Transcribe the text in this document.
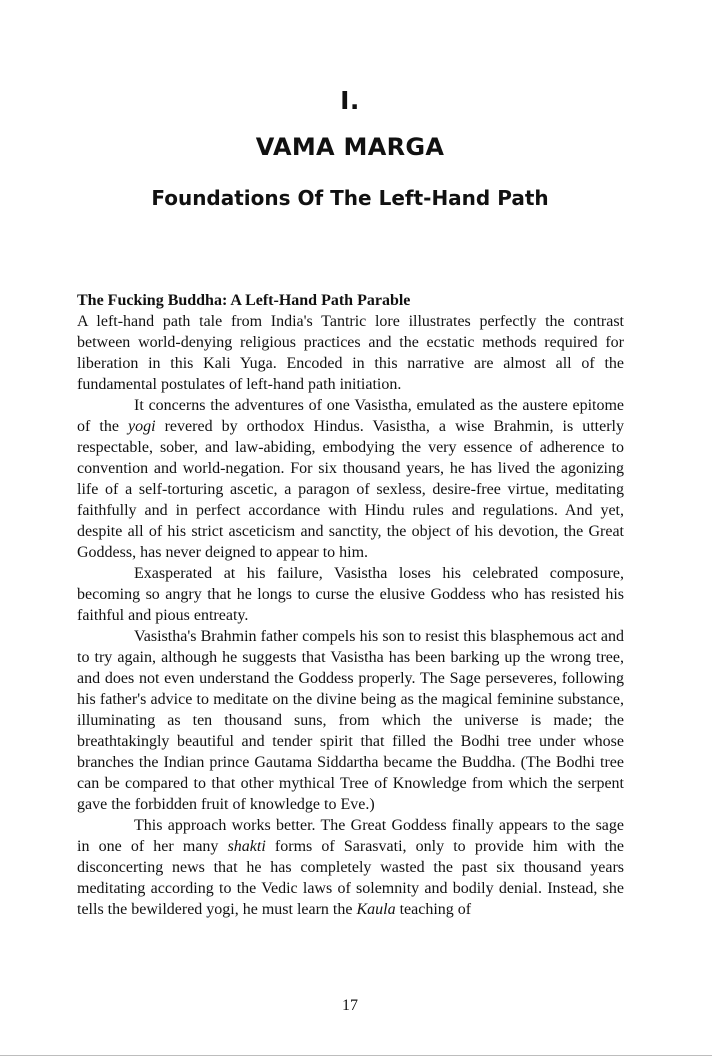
I.
VAMA MARGA
Foundations Of The Left-Hand Path

The Fucking Buddha: A Left-Hand Path Parable

A left-hand path tale from India's Tantric lore illustrates perfectly the contrast between world-denying religious practices and the ecstatic methods required for liberation in this Kali Yuga. Encoded in this narrative are almost all of the fundamental postulates of left-hand path initiation.

It concerns the adventures of one Vasistha, emulated as the austere epitome of the yogi revered by orthodox Hindus. Vasistha, a wise Brahmin, is utterly respectable, sober, and law-abiding, embodying the very essence of adherence to convention and world-negation. For six thousand years, he has lived the agonizing life of a self-torturing ascetic, a paragon of sexless, desire-free virtue, meditating faithfully and in perfect accordance with Hindu rules and regulations. And yet, despite all of his strict asceticism and sanctity, the object of his devotion, the Great Goddess, has never deigned to appear to him.

Exasperated at his failure, Vasistha loses his celebrated composure, becoming so angry that he longs to curse the elusive Goddess who has resisted his faithful and pious entreaty.

Vasistha's Brahmin father compels his son to resist this blasphemous act and to try again, although he suggests that Vasistha has been barking up the wrong tree, and does not even understand the Goddess properly. The Sage perseveres, following his father's advice to meditate on the divine being as the magical feminine substance, illuminating as ten thousand suns, from which the universe is made; the breathtakingly beautiful and tender spirit that filled the Bodhi tree under whose branches the Indian prince Gautama Siddartha became the Buddha. (The Bodhi tree can be compared to that other mythical Tree of Knowledge from which the serpent gave the forbidden fruit of knowledge to Eve.)

This approach works better. The Great Goddess finally appears to the sage in one of her many shakti forms of Sarasvati, only to provide him with the disconcerting news that he has completely wasted the past six thousand years meditating according to the Vedic laws of solemnity and bodily denial. Instead, she tells the bewildered yogi, he must learn the Kaula teaching of

17
